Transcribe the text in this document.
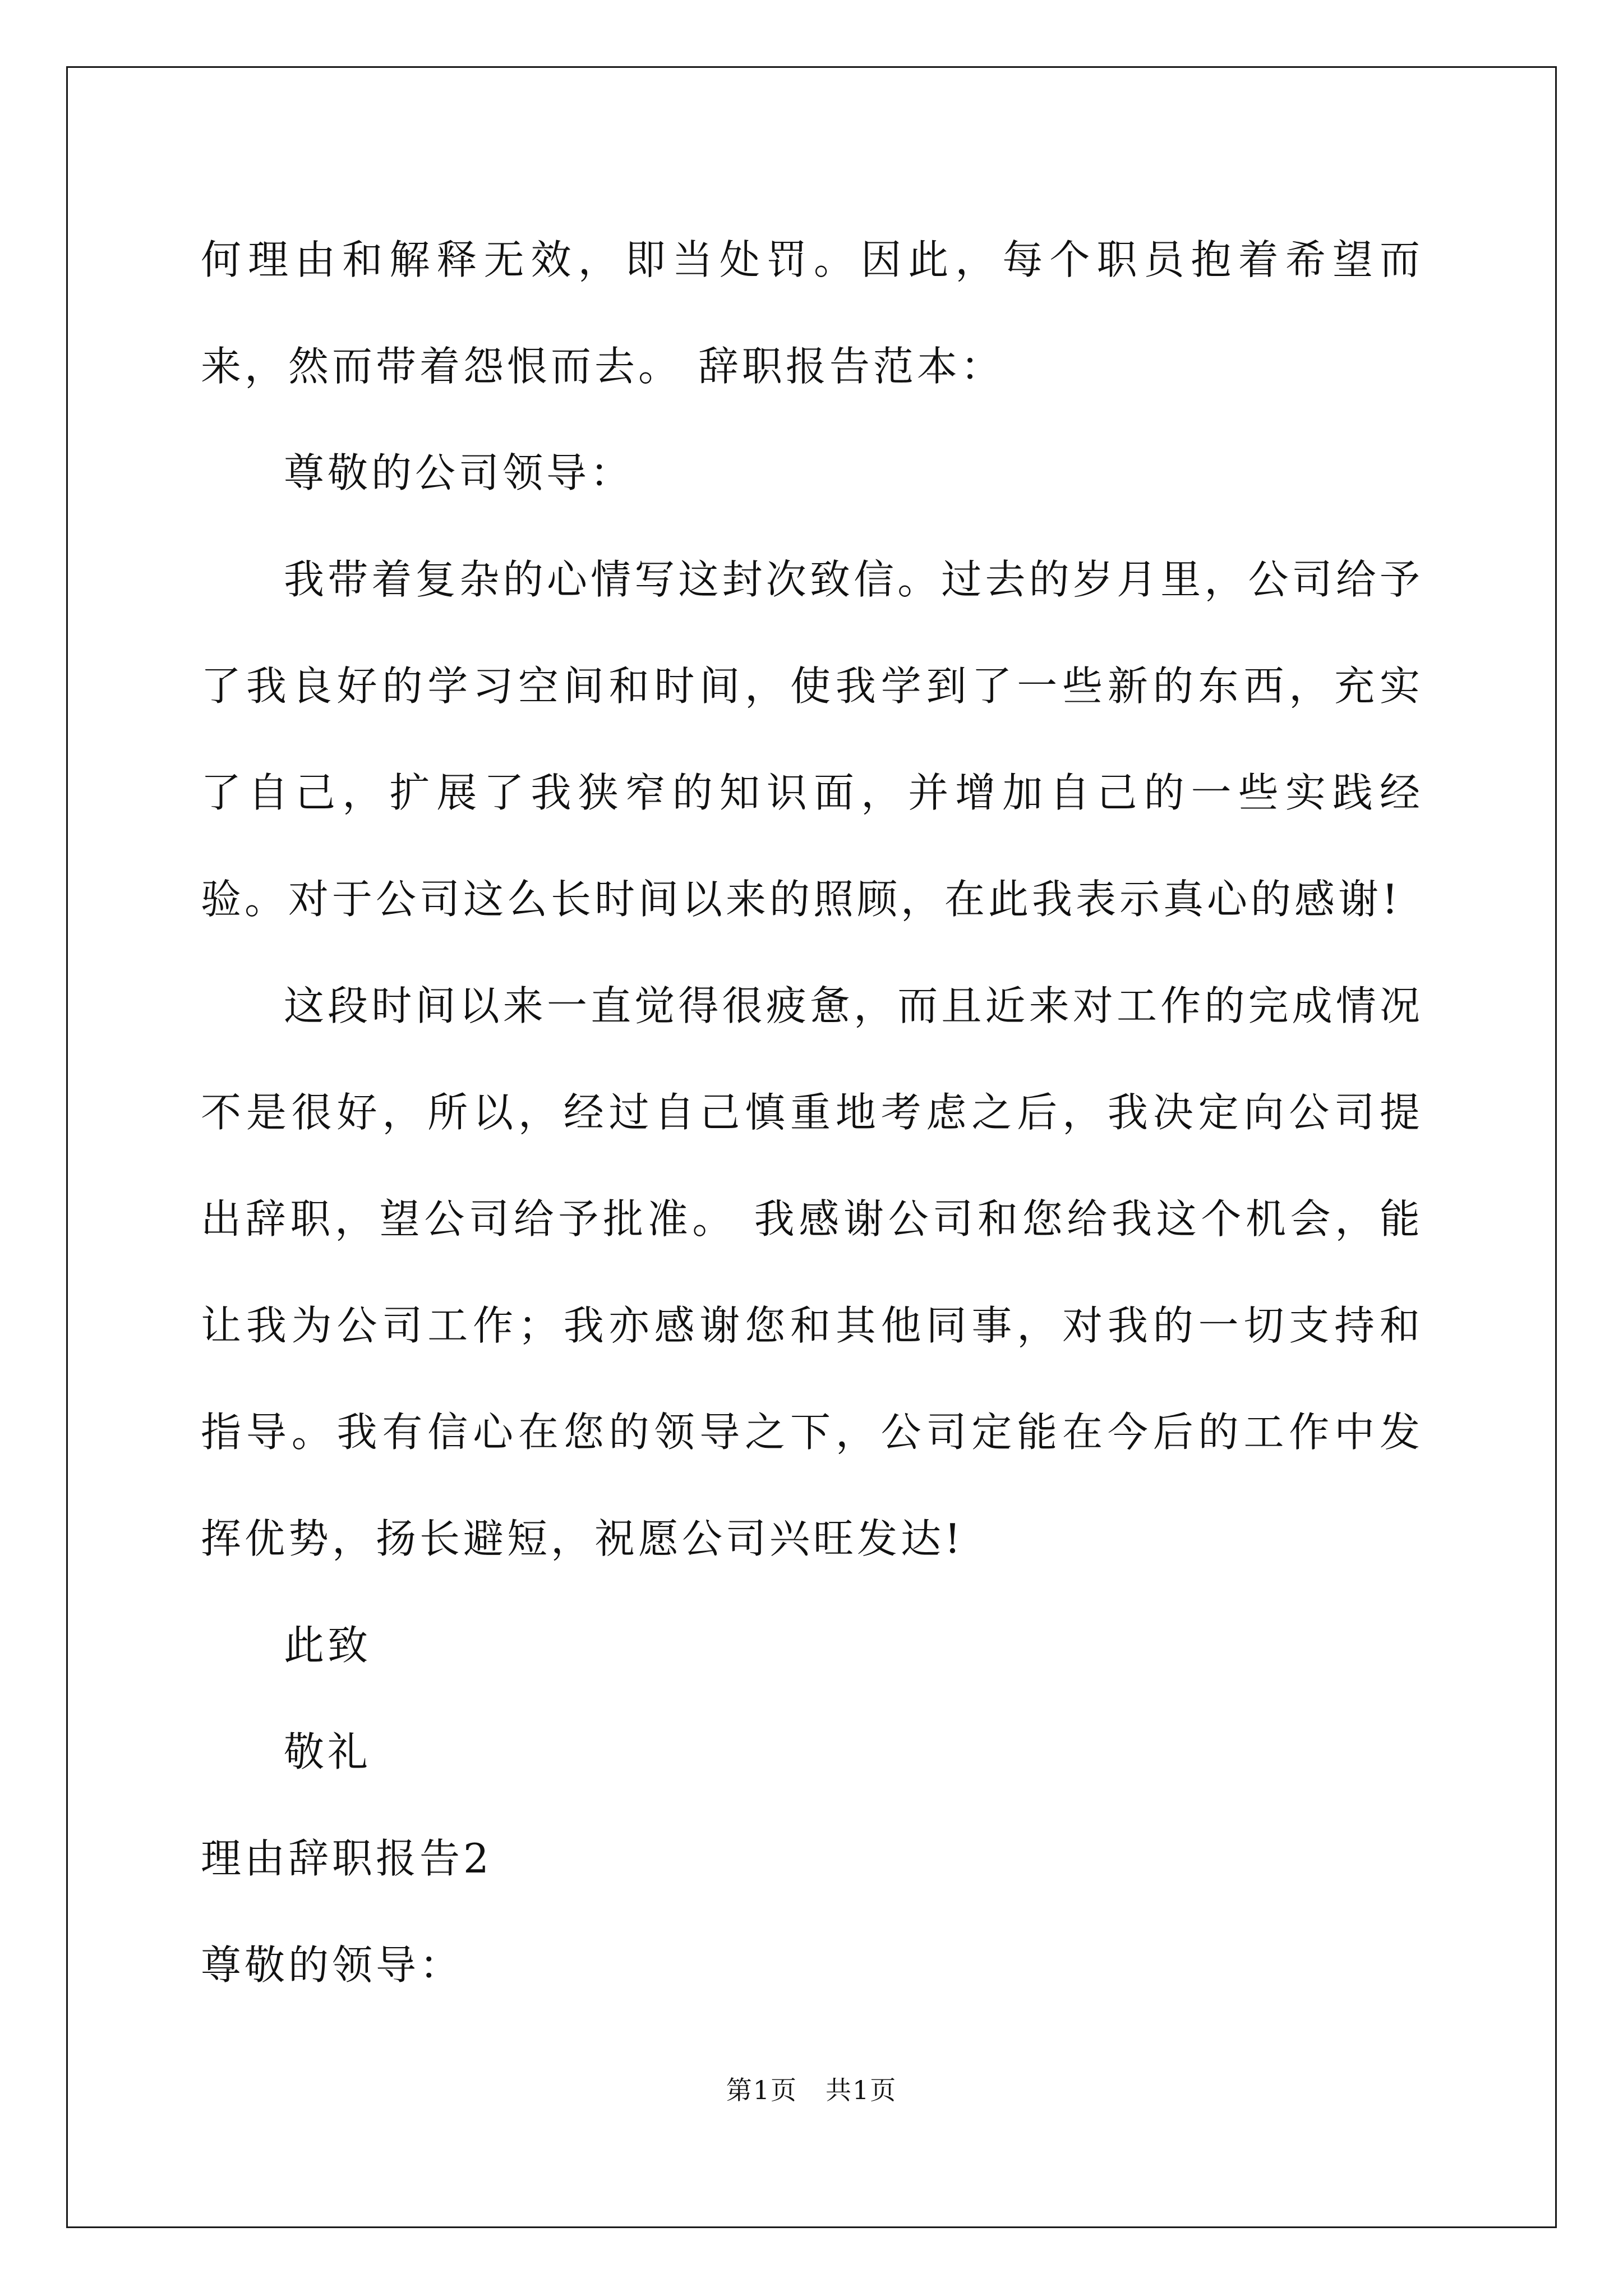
何理由和解释无效，即当处罚。因此，每个职员抱着希望而来，然而带着怨恨而去。 辞职报告范本：

尊敬的公司领导：

我带着复杂的心情写这封次致信。过去的岁月里，公司给予了我良好的学习空间和时间，使我学到了一些新的东西，充实了自己，扩展了我狭窄的知识面，并增加自己的一些实践经验。对于公司这么长时间以来的照顾，在此我表示真心的感谢!

这段时间以来一直觉得很疲惫，而且近来对工作的完成情况不是很好，所以，经过自己慎重地考虑之后，我决定向公司提出辞职，望公司给予批准。 我感谢公司和您给我这个机会，能让我为公司工作；我亦感谢您和其他同事，对我的一切支持和指导。我有信心在您的领导之下，公司定能在今后的工作中发挥优势，扬长避短，祝愿公司兴旺发达!

此致

敬礼

理由辞职报告2

尊敬的领导：

第1页 共1页
